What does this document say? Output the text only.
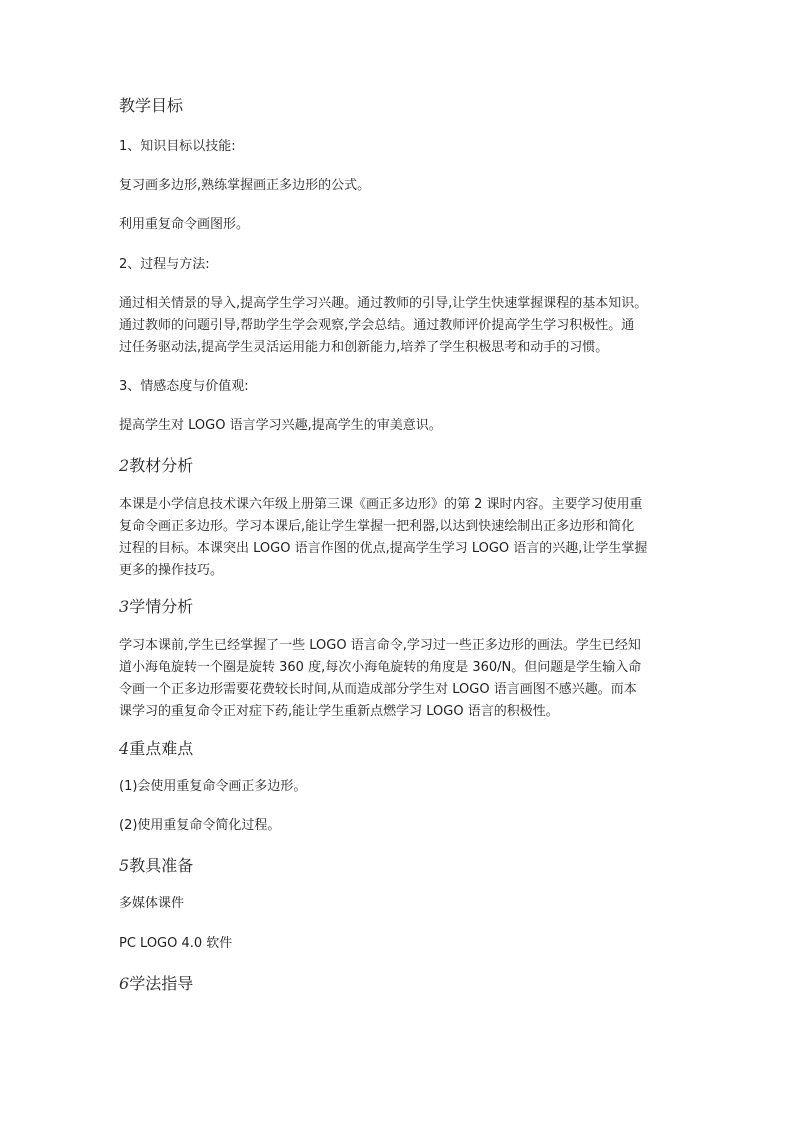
教学目标
1、知识目标以技能:
复习画多边形,熟练掌握画正多边形的公式。
利用重复命令画图形。
2、过程与方法:
通过相关情景的导入,提高学生学习兴趣。通过教师的引导,让学生快速掌握课程的基本知识。
通过教师的问题引导,帮助学生学会观察,学会总结。通过教师评价提高学生学习积极性。通
过任务驱动法,提高学生灵活运用能力和创新能力,培养了学生积极思考和动手的习惯。
3、情感态度与价值观:
提高学生对 LOGO 语言学习兴趣,提高学生的审美意识。
2教材分析
本课是小学信息技术课六年级上册第三课《画正多边形》的第 2 课时内容。主要学习使用重
复命令画正多边形。学习本课后,能让学生掌握一把利器,以达到快速绘制出正多边形和简化
过程的目标。本课突出 LOGO 语言作图的优点,提高学生学习 LOGO 语言的兴趣,让学生掌握
更多的操作技巧。
3学情分析
学习本课前,学生已经掌握了一些 LOGO 语言命令,学习过一些正多边形的画法。学生已经知
道小海龟旋转一个圈是旋转 360 度,每次小海龟旋转的角度是 360/N。但问题是学生输入命
令画一个正多边形需要花费较长时间,从而造成部分学生对 LOGO 语言画图不感兴趣。而本
课学习的重复命令正对症下药,能让学生重新点燃学习 LOGO 语言的积极性。
4重点难点
(1)会使用重复命令画正多边形。
(2)使用重复命令简化过程。
5教具准备
多媒体课件
PC LOGO 4.0 软件
6学法指导
